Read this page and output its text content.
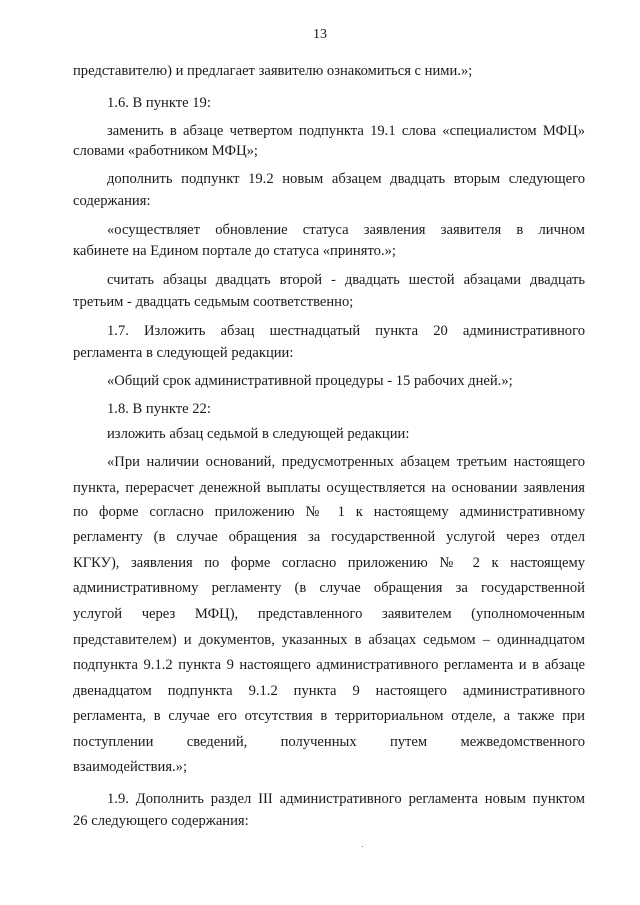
13
представителю) и предлагает заявителю ознакомиться с ними.»;
1.6. В пункте 19:
заменить в абзаце четвертом подпункта 19.1 слова «специалистом МФЦ»
словами «работником МФЦ»;
дополнить подпункт 19.2 новым абзацем двадцать вторым следующего
содержания:
«осуществляет обновление статуса заявления заявителя в личном
кабинете на Едином портале до статуса «принято.»;
считать абзацы двадцать второй - двадцать шестой абзацами двадцать
третьим - двадцать седьмым соответственно;
1.7. Изложить абзац шестнадцатый пункта 20 административного
регламента в следующей редакции:
«Общий срок административной процедуры - 15 рабочих дней.»;
1.8. В пункте 22:
изложить абзац седьмой в следующей редакции:
«При наличии оснований, предусмотренных абзацем третьим настоящего
пункта, перерасчет денежной выплаты осуществляется на основании заявления
по форме согласно приложению № 1 к настоящему административному
регламенту (в случае обращения за государственной услугой через отдел
КГКУ), заявления по форме согласно приложению № 2 к настоящему
административному регламенту (в случае обращения за государственной
услугой через МФЦ), представленного заявителем (уполномоченным
представителем) и документов, указанных в абзацах седьмом – одиннадцатом
подпункта 9.1.2 пункта 9 настоящего административного регламента и в абзаце
двенадцатом подпункта 9.1.2 пункта 9 настоящего административного
регламента, в случае его отсутствия в территориальном отделе, а также при
поступлении сведений, полученных путем межведомственного
взаимодействия.»;
1.9. Дополнить раздел III административного регламента новым пунктом
26 следующего содержания:
